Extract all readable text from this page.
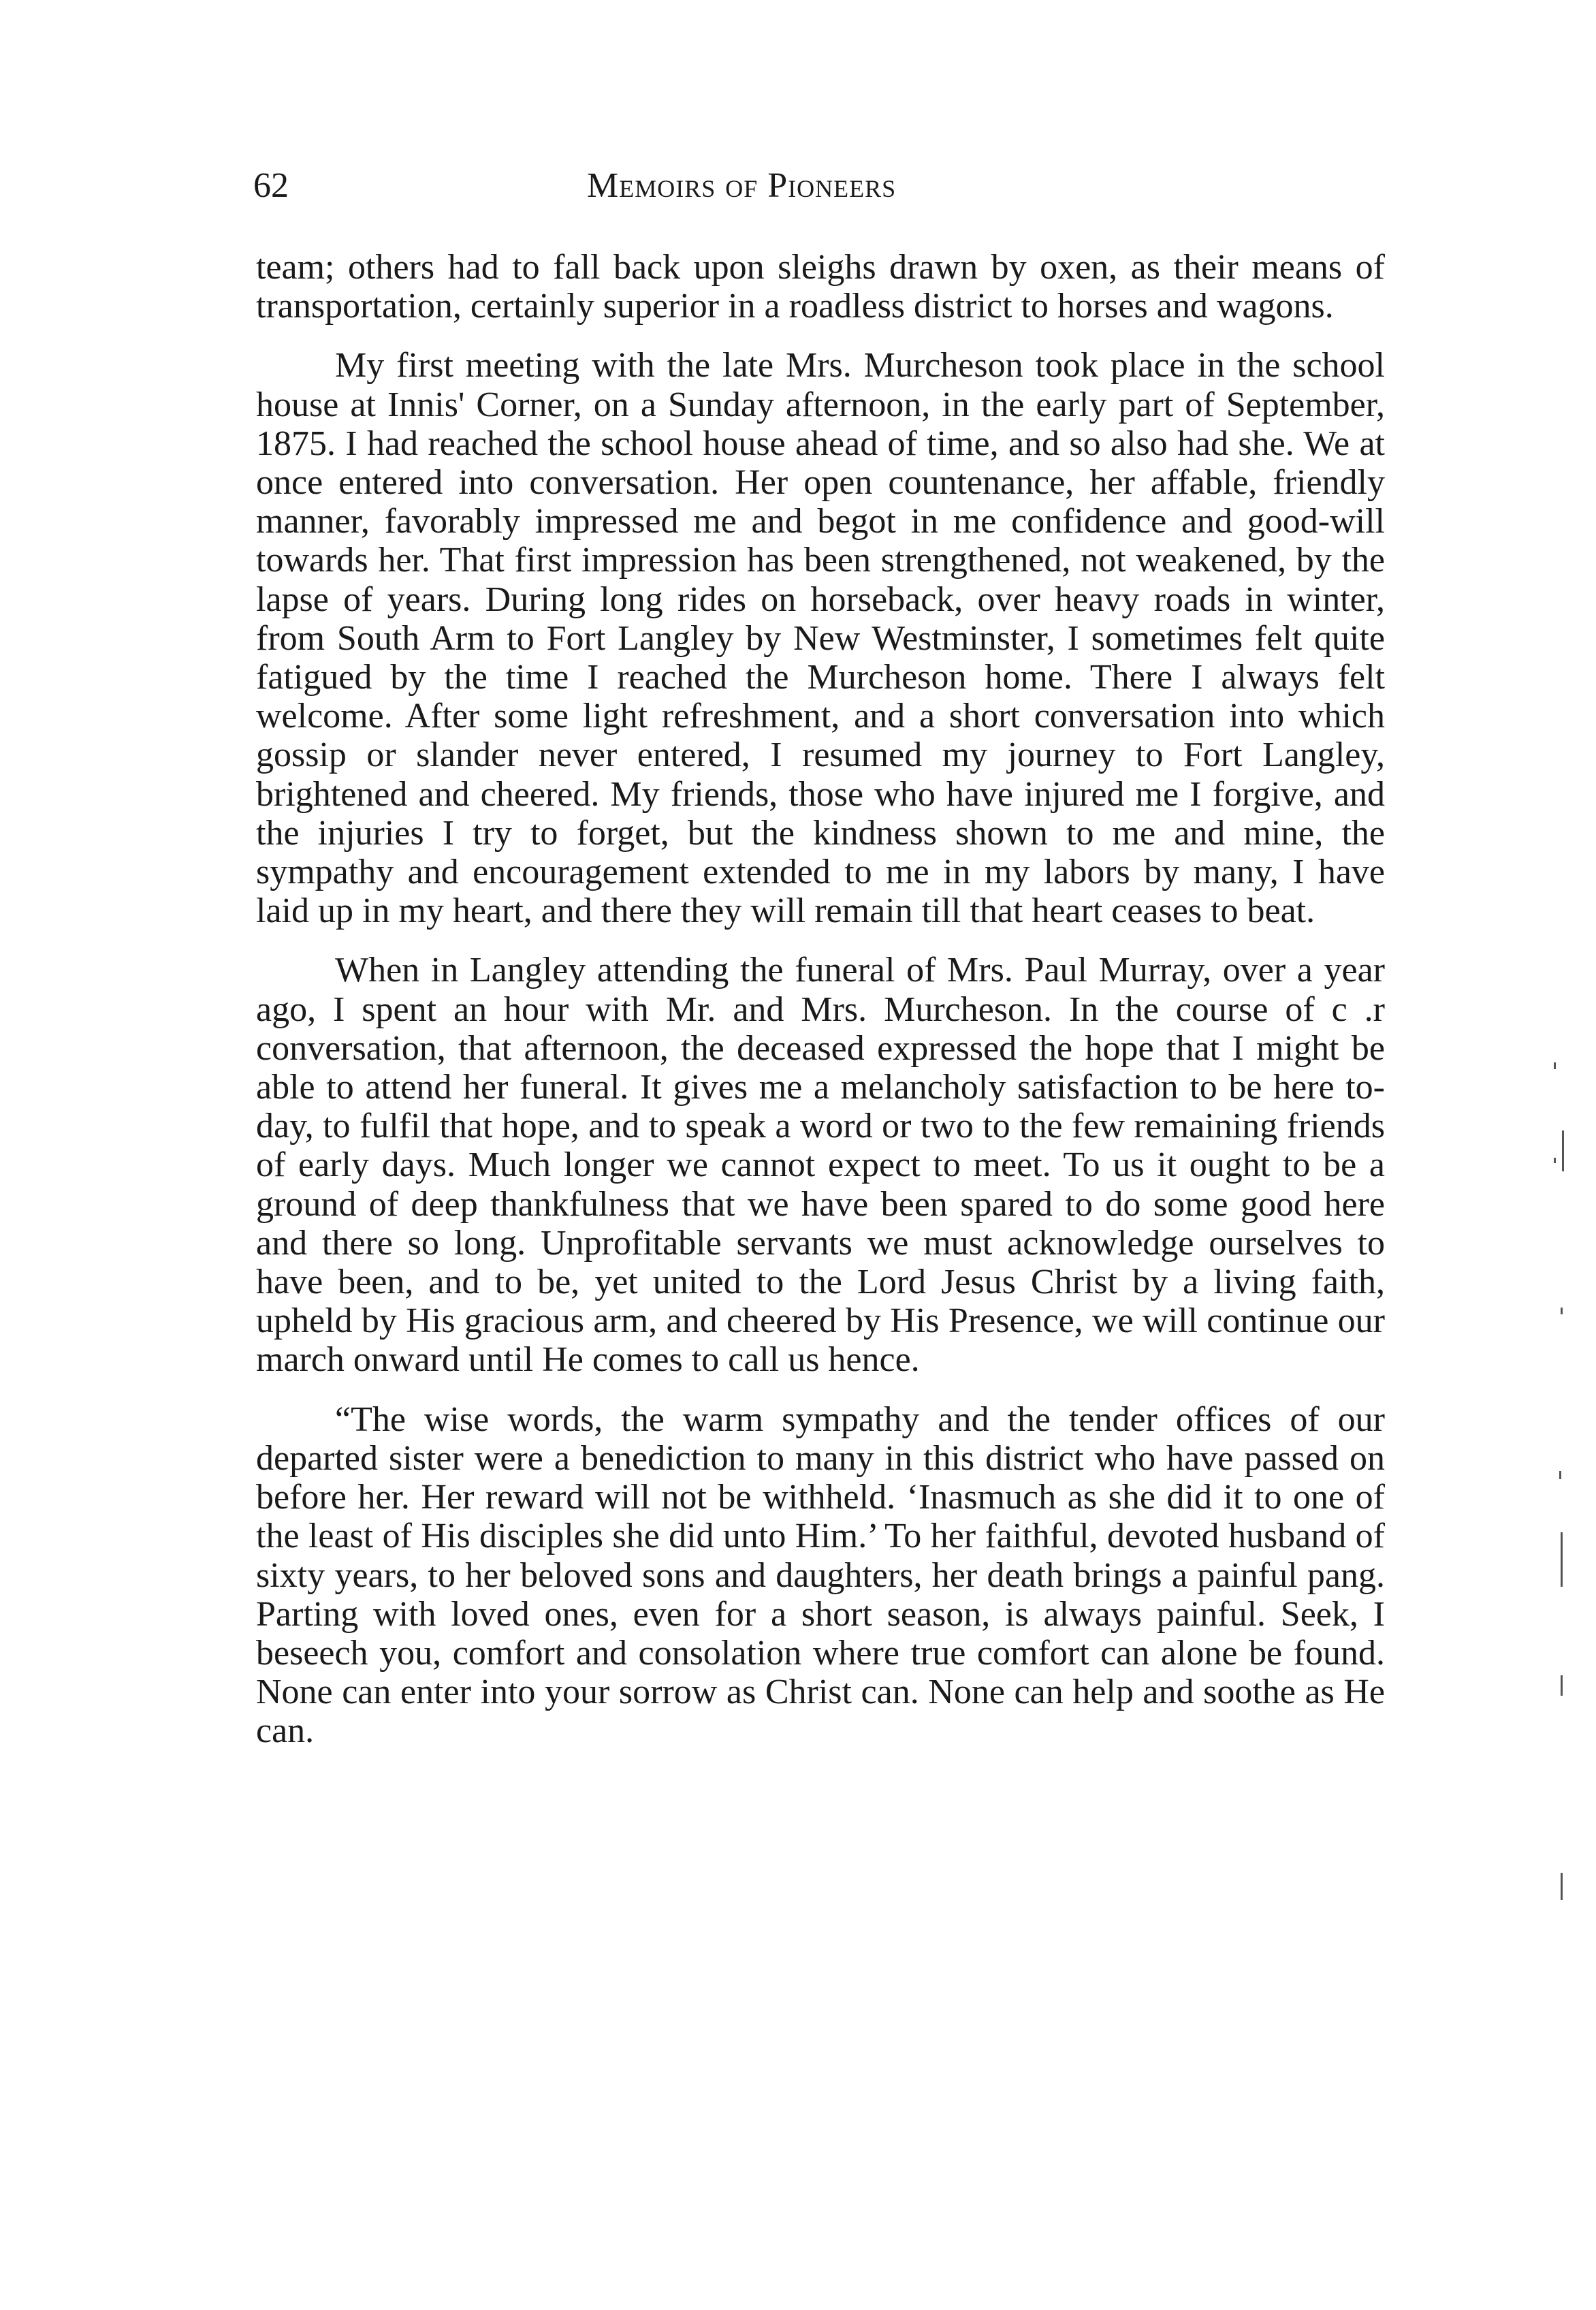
62	Memoirs of Pioneers

team; others had to fall back upon sleighs drawn by oxen, as their means of transportation, certainly superior in a roadless district to horses and wagons.

My first meeting with the late Mrs. Murcheson took place in the school house at Innis' Corner, on a Sunday afternoon, in the early part of September, 1875. I had reached the school house ahead of time, and so also had she. We at once entered into conversation. Her open countenance, her affable, friendly manner, favorably impressed me and begot in me confidence and good-will towards her. That first impression has been strengthened, not weakened, by the lapse of years. During long rides on horseback, over heavy roads in winter, from South Arm to Fort Langley by New Westminster, I sometimes felt quite fatigued by the time I reached the Murcheson home. There I always felt welcome. After some light refreshment, and a short conversation into which gossip or slander never entered, I resumed my journey to Fort Langley, brightened and cheered. My friends, those who have injured me I forgive, and the injuries I try to forget, but the kindness shown to me and mine, the sympathy and encouragement extended to me in my labors by many, I have laid up in my heart, and there they will remain till that heart ceases to beat.

When in Langley attending the funeral of Mrs. Paul Murray, over a year ago, I spent an hour with Mr. and Mrs. Murcheson. In the course of c .r conversation, that afternoon, the deceased expressed the hope that I might be able to attend her funeral. It gives me a melancholy satisfaction to be here to-day, to fulfil that hope, and to speak a word or two to the few remaining friends of early days. Much longer we cannot expect to meet. To us it ought to be a ground of deep thankfulness that we have been spared to do some good here and there so long. Unprofitable servants we must acknowledge ourselves to have been, and to be, yet united to the Lord Jesus Christ by a living faith, upheld by His gracious arm, and cheered by His Presence, we will continue our march onward until He comes to call us hence.

“The wise words, the warm sympathy and the tender offices of our departed sister were a benediction to many in this district who have passed on before her. Her reward will not be withheld. ‘Inasmuch as she did it to one of the least of His disciples she did unto Him.’ To her faithful, devoted husband of sixty years, to her beloved sons and daughters, her death brings a painful pang. Parting with loved ones, even for a short season, is always painful. Seek, I beseech you, comfort and consolation where true comfort can alone be found. None can enter into your sorrow as Christ can. None can help and soothe as He can.
